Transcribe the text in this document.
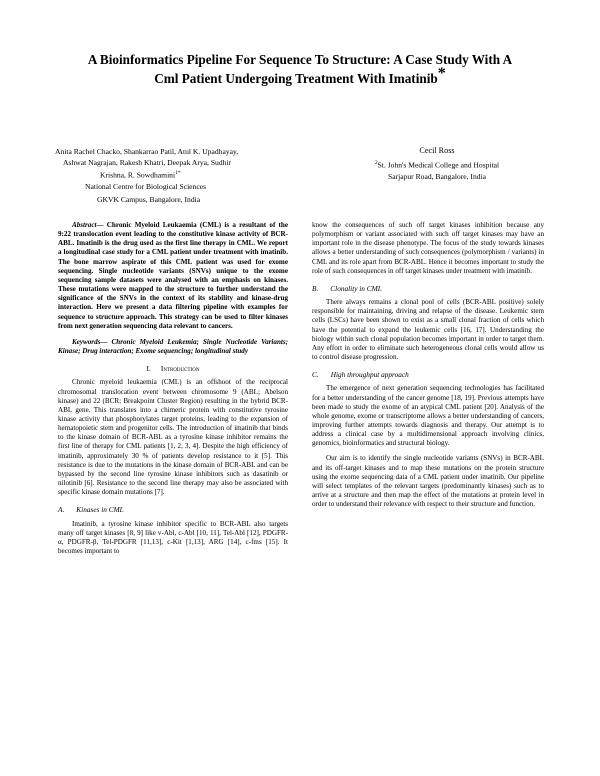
A Bioinformatics Pipeline For Sequence To Structure: A Case Study With A
Cml Patient Undergoing Treatment With Imatinib*
Anita Rachel Chacko, Shankarrao Patil, Atul K. Upadhayay,
Ashwat Nagrajan, Rakesh Khatri, Deepak Arya, Sudhir
Krishna, R. Sowdhamini$^{1*}$
National Centre for Biological Sciences
GKVK Campus, Bangalore, India
Cecil Ross
$^2$St. John's Medical College and Hospital
Sarjapur Road, Bangalore, India

Abstract— Chronic Myeloid Leukaemia (CML) is a resultant of the 9:22 translocation event leading to the constitutive kinase activity of BCR-ABL. Imatinib is the drug used as the first line therapy in CML. We report a longitudinal case study for a CML patient under treatment with imatinib. The bone marrow aspirate of this CML patient was used for exome sequencing. Single nucleotide variants (SNVs) unique to the exome sequencing sample datasets were analysed with an emphasis on kinases. These mutations were mapped to the structure to further understand the significance of the SNVs in the context of its stability and kinase-drug interaction. Here we present a data filtering pipeline with examples for sequence to structure approach. This strategy can be used to filter kinases from next generation sequencing data relevant to cancers.

Keywords— Chronic Myeloid Leukemia; Single Nucleotide Variants; Kinase; Drug interaction; Exome sequencing; longitudinal study

I. Introduction

Chronic myeloid leukaemia (CML) is an offshoot of the reciprocal chromosomal translocation event between chromosome 9 (ABL; Abelson kinase) and 22 (BCR; Breakpoint Cluster Region) resulting in the hybrid BCR-ABL gene. This translates into a chimeric protein with constitutive tyrosine kinase activity that phosphorylates target proteins, leading to the expansion of hematopoietic stem and progenitor cells. The introduction of imatinib that binds to the kinase domain of BCR-ABL as a tyrosine kinase inhibitor remains the first line of therapy for CML patients [1, 2, 3, 4]. Despite the high efficiency of imatinib, approximately 30 % of patients develop resistance to it [5]. This resistance is due to the mutations in the kinase domain of BCR-ABL and can be bypassed by the second line tyrosine kinase inhibitors such as dasatinib or nilotinib [6]. Resistance to the second line therapy may also be associated with specific kinase domain mutations [7].

A. Kinases in CML

Imatinib, a tyrosine kinase inhibitor specific to BCR-ABL also targets many off target kinases [8, 9] like v-Abl, c-Abl [10, 11], Tel-Abl [12], PDGFR-α, PDGFR-β, Tel-PDGFR [11,13], c-Kit [1,13], ARG [14], c-fms [15]. It becomes important to

know the consequences of such off target kinases inhibition because any polymorphism or variant associated with such off target kinases may have an important role in the disease phenotype. The focus of the study towards kinases allows a better understanding of such consequences (polymorphism / variants) in CML and its role apart from BCR-ABL. Hence it becomes important to study the role of such consequences in off target kinases under treatment with imatinib.

B. Clonality in CML

There always remains a clonal pool of cells (BCR-ABL positive) solely responsible for maintaining, driving and relapse of the disease. Leukemic stem cells (LSCs) have been shown to exist as a small clonal fraction of cells which have the potential to expand the leukemic cells [16, 17]. Understanding the biology within such clonal population becomes important in order to target them. Any effort in order to eliminate such heterogeneous clonal cells would allow us to control disease progression.

C. High throughput approach

The emergence of next generation sequencing technologies has facilitated for a better understanding of the cancer genome [18, 19]. Previous attempts have been made to study the exome of an atypical CML patient [20]. Analysis of the whole genome, exome or transcriptome allows a better understanding of cancers, improving further attempts towards diagnosis and therapy. Our attempt is to address a clinical case by a multidimensional approach involving clinics, genomics, bioinformatics and structural biology.

Our aim is to identify the single nucleotide variants (SNVs) in BCR-ABL and its off-target kinases and to map these mutations on the protein structure using the exome sequencing data of a CML patient under imatinib. Our pipeline will select templates of the relevant targets (predominantly kinases) such as to arrive at a structure and then map the effect of the mutations at protein level in order to understand their relevance with respect to their structure and function.
